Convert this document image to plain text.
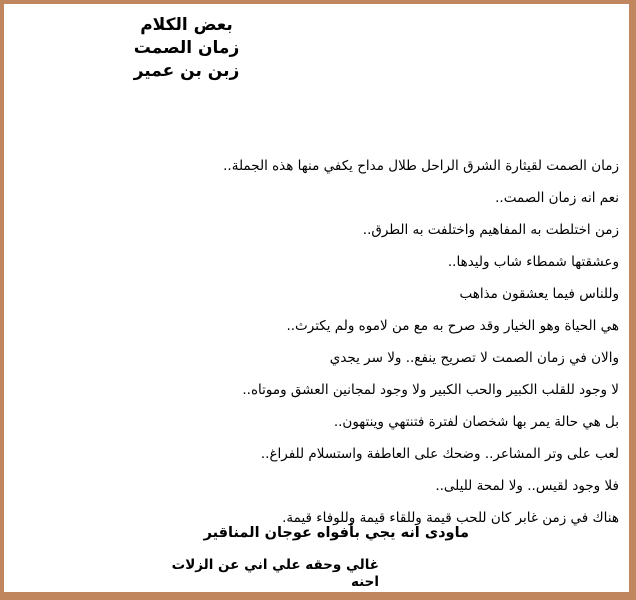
بعض الكلام
زمان الصمت
زبن بن عمير
زمان الصمت لقيثارة الشرق الراحل طلال مداح يكفي منها هذه الجملة..
نعم انه زمان الصمت..
زمن اختلطت به المفاهيم واختلفت به الطرق..
وعشقتها شمطاء شاب وليدها..
وللناس فيما يعشقون مذاهب
هي الحياة وهو الخيار وقد صرح به مع من لاموه ولم يكترث..
والان في زمان الصمت لا تصريح ينفع.. ولا سر يجدي
لا وجود للقلب الكبير والحب الكبير ولا وجود لمجانين العشق وموتاه..
بل هي حالة يمر بها شخصان لفترة فتنتهي وينتهون..
لعب على وتر المشاعر.. وضحك على العاطفة واستسلام للفراغ..
فلا وجود لقيس.. ولا لمحة لليلى..
هناك في زمن غابر كان للحب قيمة وللقاء قيمة وللوفاء قيمة.
ماودى انه يجي بأفواه عوجان المناقير
غالي وحقه علي اني عن الزلات
احنه
